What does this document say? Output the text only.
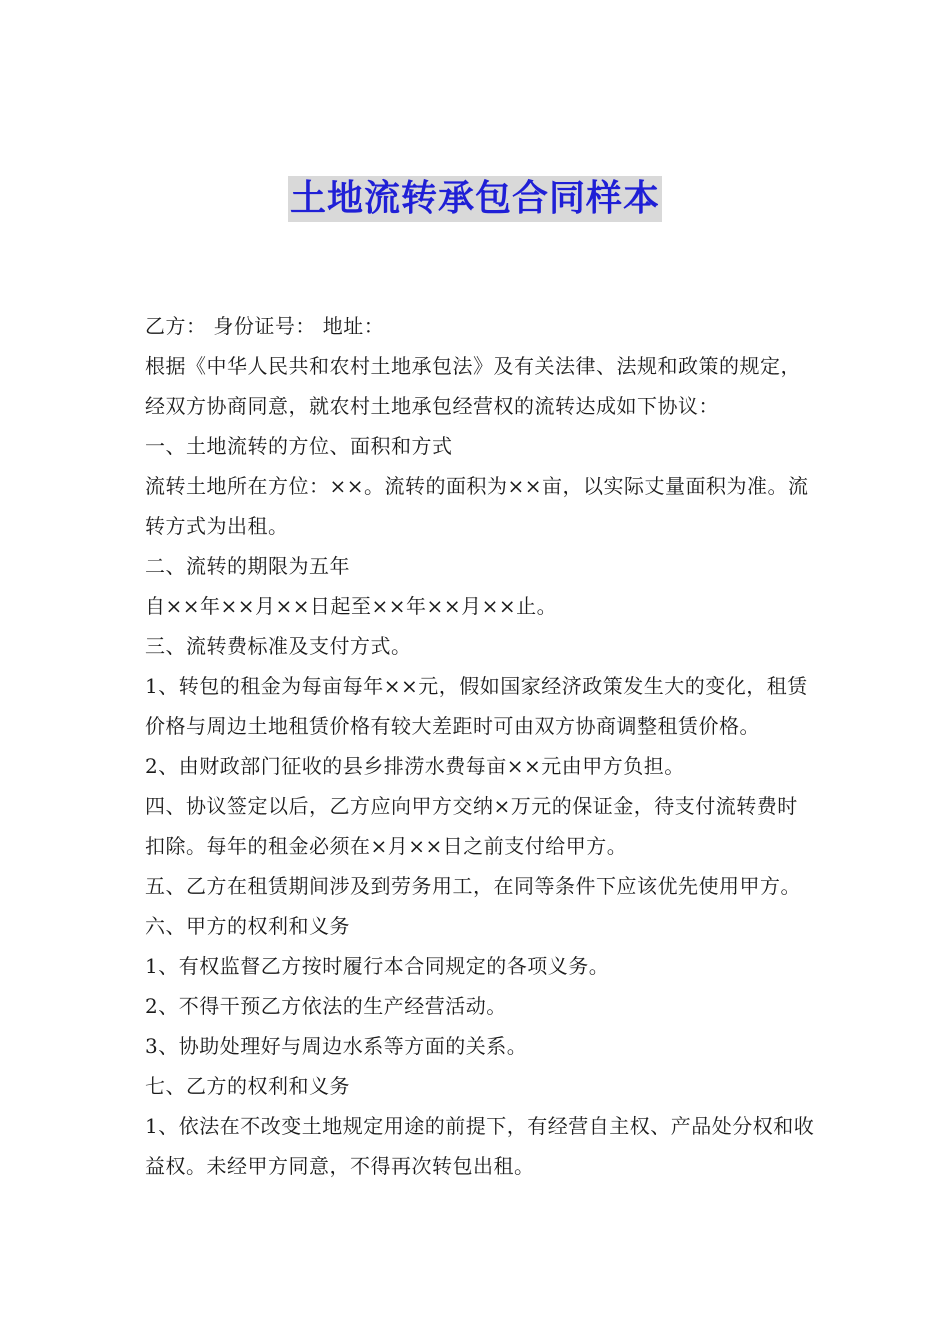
土地流转承包合同样本

乙方： 身份证号： 地址：

根据《中华人民共和农村土地承包法》及有关法律、法规和政策的规定，经双方协商同意，就农村土地承包经营权的流转达成如下协议：

一、土地流转的方位、面积和方式

流转土地所在方位：××。流转的面积为××亩，以实际丈量面积为准。流转方式为出租。

二、流转的期限为五年

自××年××月××日起至××年××月××止。

三、流转费标准及支付方式。

1、转包的租金为每亩每年××元，假如国家经济政策发生大的变化，租赁价格与周边土地租赁价格有较大差距时可由双方协商调整租赁价格。

2、由财政部门征收的县乡排涝水费每亩××元由甲方负担。

四、协议签定以后，乙方应向甲方交纳×万元的保证金，待支付流转费时扣除。每年的租金必须在×月××日之前支付给甲方。

五、乙方在租赁期间涉及到劳务用工，在同等条件下应该优先使用甲方。

六、甲方的权利和义务

1、有权监督乙方按时履行本合同规定的各项义务。

2、不得干预乙方依法的生产经营活动。

3、协助处理好与周边水系等方面的关系。

七、乙方的权利和义务

1、依法在不改变土地规定用途的前提下，有经营自主权、产品处分权和收益权。未经甲方同意，不得再次转包出租。
